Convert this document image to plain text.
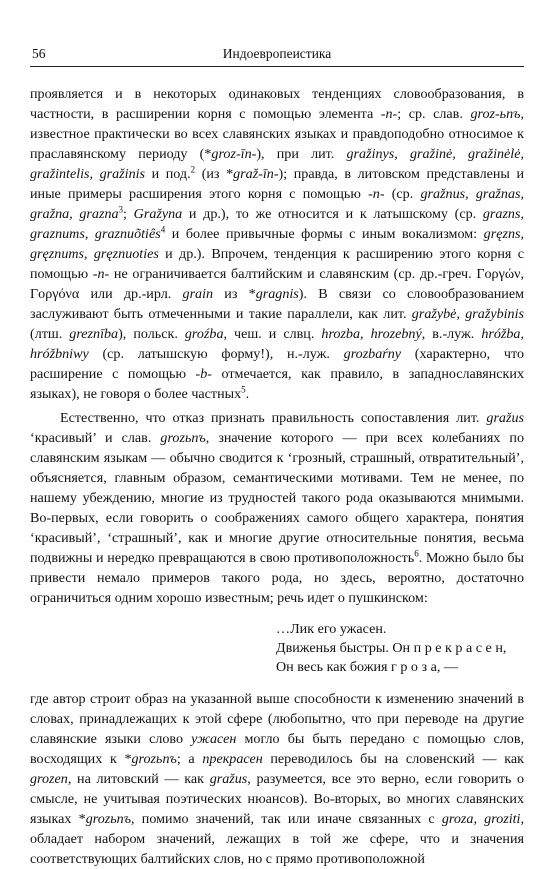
56	Индоевропеистика

проявляется и в некоторых одинаковых тенденциях словообразования, в частности, в расширении корня с помощью элемента -n-; ср. слав. groz-ьnъ, известное практически во всех славянских языках и правдоподобно относимое к праславянскому периоду (*groz-īn-), при лит. gražinys, gražinė, gražinėlė, gražintelis, gražinis и под.$^2$ (из *graž-īn-); правда, в литовском представлены и иные примеры расширения этого корня с помощью -n- (ср. gražnus, gražnas, gražna, grazna$^3$; Gražyna и др.), то же относится и к латышскому (ср. grazns, graznums, graznuõtiês$^4$ и более привычные формы с иным вокализмом: gręzns, gręznums, gręznuoties и др.). Впрочем, тенденция к расширению этого корня с помощью -n- не ограничивается балтийским и славянским (ср. др.-греч. Γοργών, Γοργόνα или др.-ирл. grain из *gragnis). В связи со словообразованием заслуживают быть отмеченными и такие параллели, как лит. gražybė, gražybinis (лтш. greznība), польск. groźba, чеш. и слвц. hrozba, hrozebný, в.-луж. hróžba, hróžbniwy (ср. латышскую форму!), н.-луж. grozbaŕny (характерно, что расширение с помощью -b- отмечается, как правило, в западнославянских языках), не говоря о более частных$^5$.

Естественно, что отказ признать правильность сопоставления лит. gražus ‘красивый’ и слав. grozьnъ, значение которого — при всех колебаниях по славянским языкам — обычно сводится к ‘грозный, страшный, отвратительный’, объясняется, главным образом, семантическими мотивами. Тем не менее, по нашему убеждению, многие из трудностей такого рода оказываются мнимыми. Во-первых, если говорить о соображениях самого общего характера, понятия ‘красивый’, ‘страшный’, как и многие другие относительные понятия, весьма подвижны и нередко превращаются в свою противоположность$^6$. Можно было бы привести немало примеров такого рода, но здесь, вероятно, достаточно ограничиться одним хорошо известным; речь идет о пушкинском:

…Лик его ужасен.
Движенья быстры. Он п р е к р а с е н,
Он весь как божия г р о з а, —

где автор строит образ на указанной выше способности к изменению значений в словах, принадлежащих к этой сфере (любопытно, что при переводе на другие славянские языки слово ужасен могло бы быть передано с помощью слов, восходящих к *grozьnъ; а прекрасен переводилось бы на словенский — как grozen, на литовский — как gražus, разумеется, все это верно, если говорить о смысле, не учитывая поэтических нюансов). Во-вторых, во многих славянских языках *grozьnъ, помимо значений, так или иначе связанных с groza, groziti, обладает набором значений, лежащих в той же сфере, что и значения соответствующих балтийских слов, но с прямо противоположной
